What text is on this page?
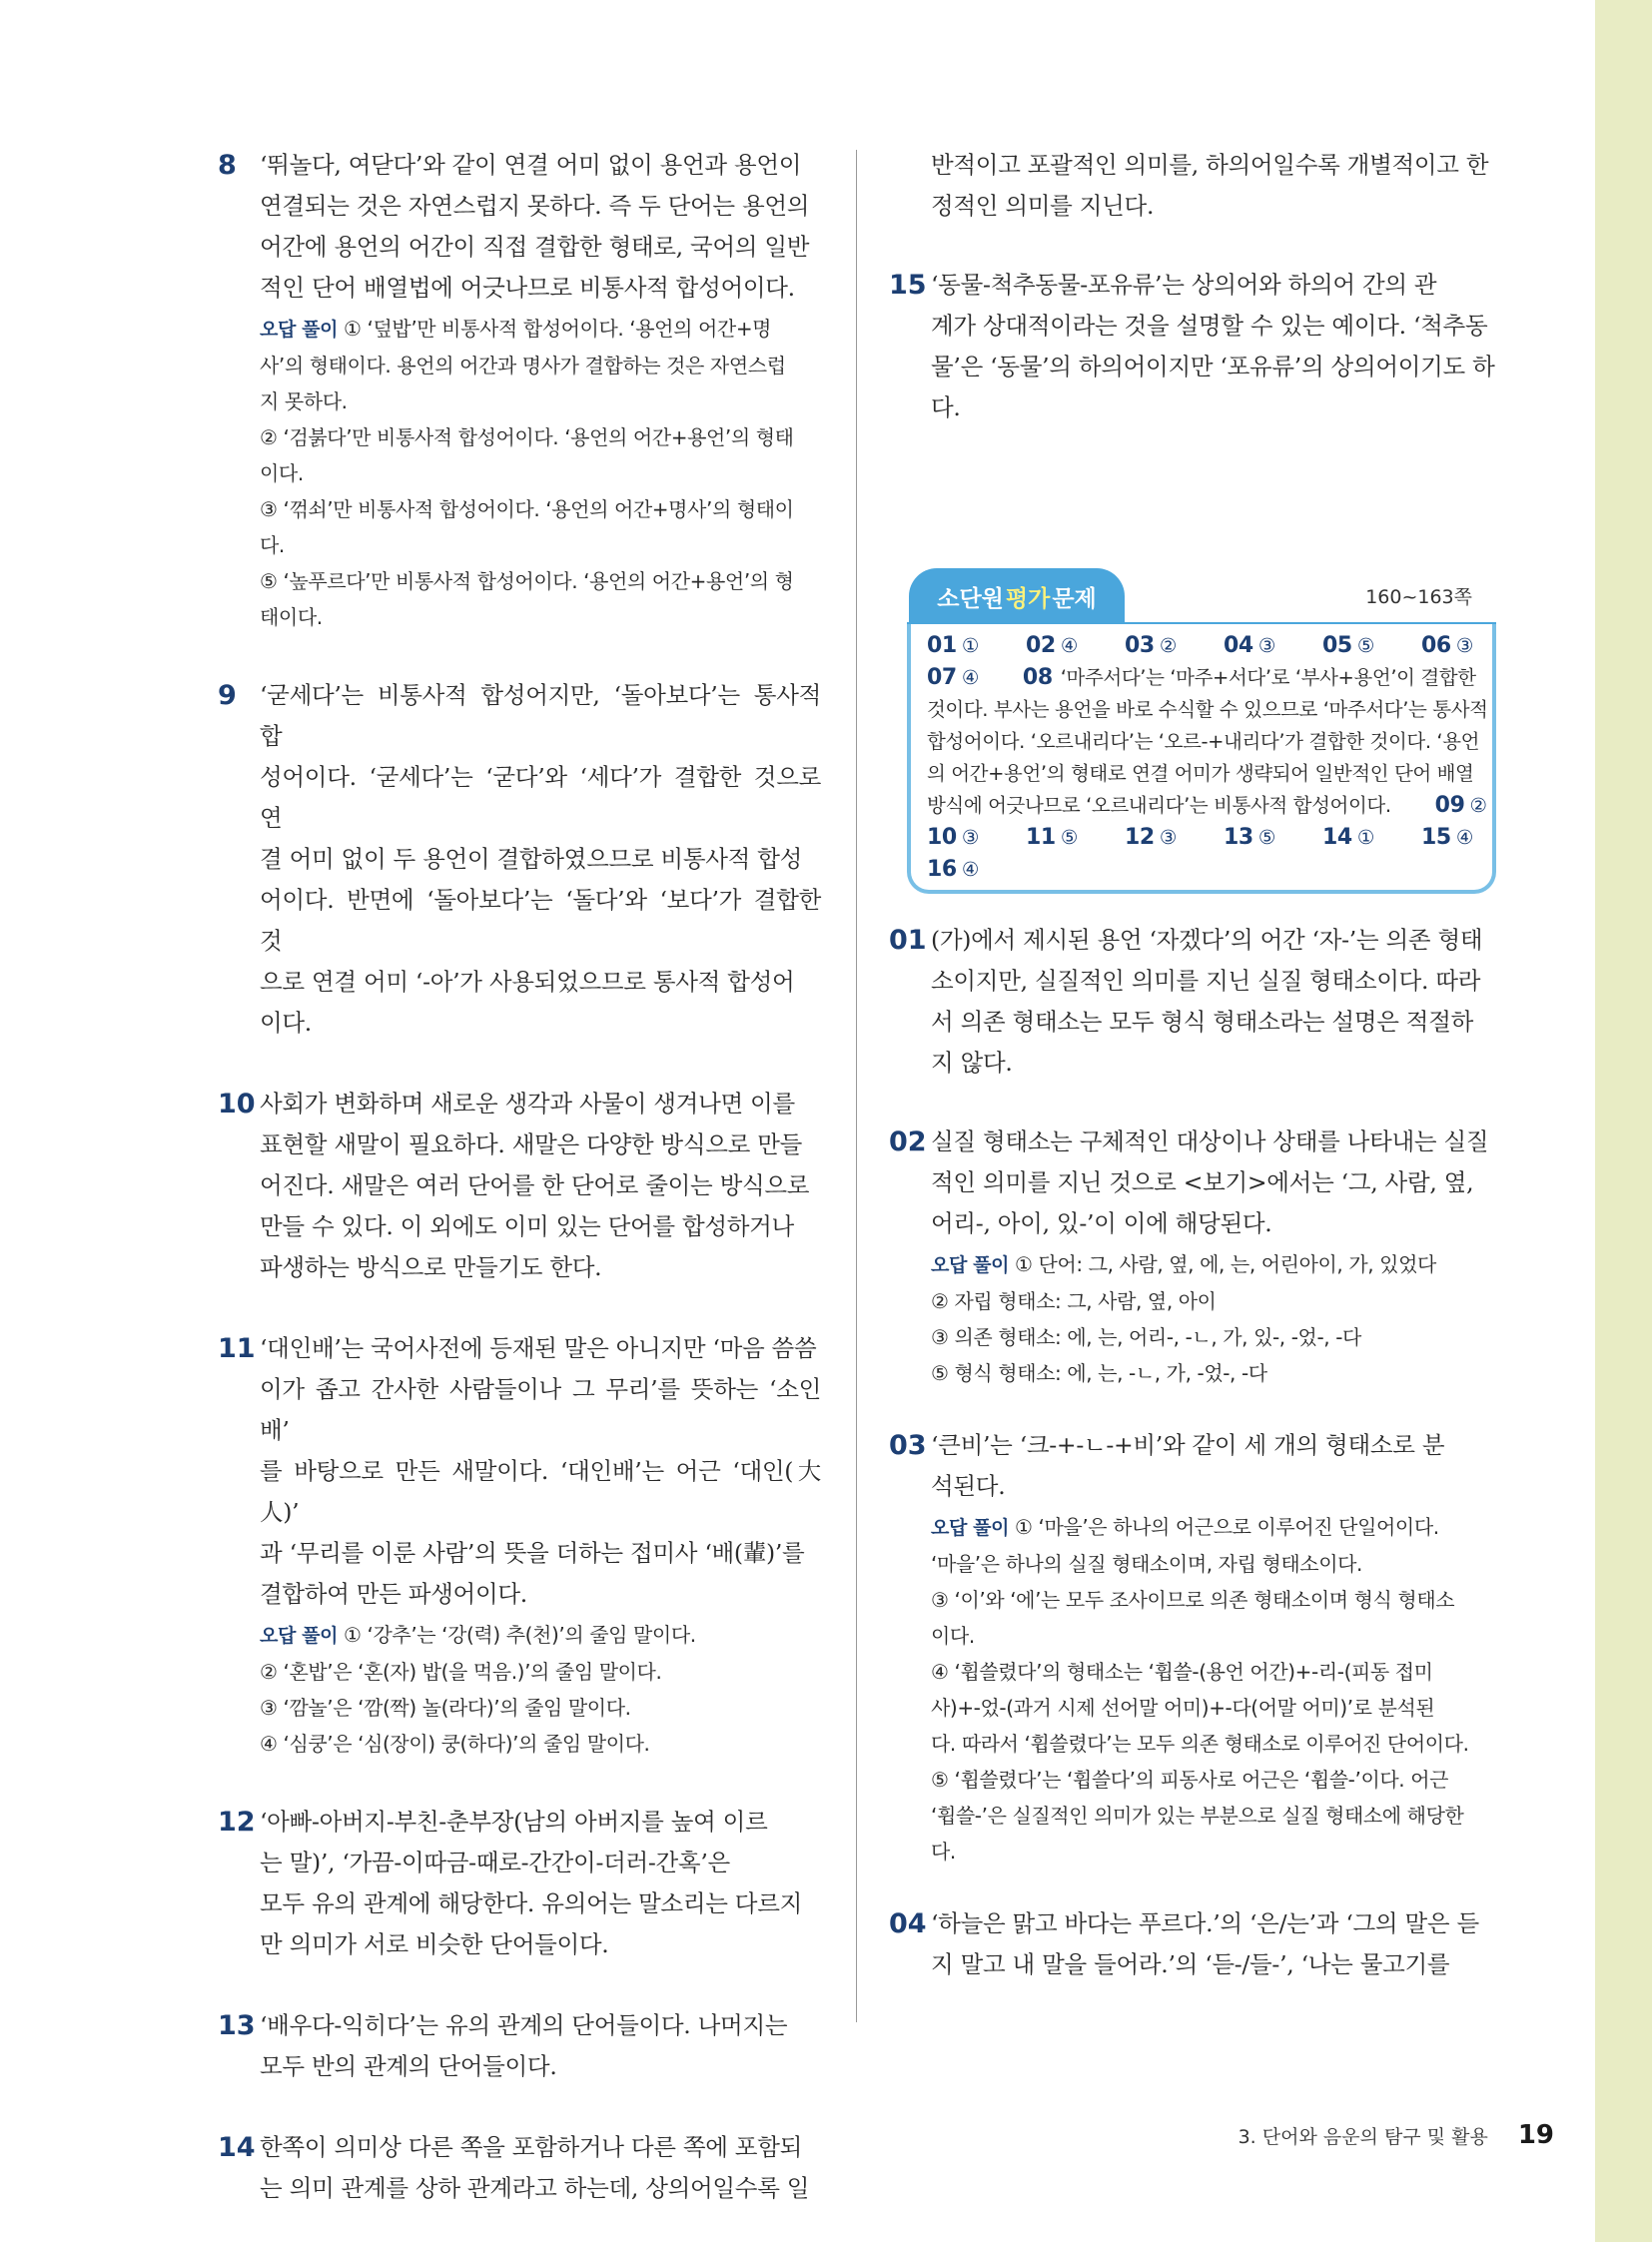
8 ‘뛰놀다, 여닫다’와 같이 연결 어미 없이 용언과 용언이
연결되는 것은 자연스럽지 못하다. 즉 두 단어는 용언의
어간에 용언의 어간이 직접 결합한 형태로, 국어의 일반
적인 단어 배열법에 어긋나므로 비통사적 합성어이다.
오답 풀이 ① ‘덮밥’만 비통사적 합성어이다. ‘용언의 어간+명
사’의 형태이다. 용언의 어간과 명사가 결합하는 것은 자연스럽
지 못하다.
② ‘검붉다’만 비통사적 합성어이다. ‘용언의 어간+용언’의 형태
이다.
③ ‘꺾쇠’만 비통사적 합성어이다. ‘용언의 어간+명사’의 형태이
다.
⑤ ‘높푸르다’만 비통사적 합성어이다. ‘용언의 어간+용언’의 형
태이다.
9 ‘굳세다’는 비통사적 합성어지만, ‘돌아보다’는 통사적 합
성어이다. ‘굳세다’는 ‘굳다’와 ‘세다’가 결합한 것으로 연
결 어미 없이 두 용언이 결합하였으므로 비통사적 합성
어이다. 반면에 ‘돌아보다’는 ‘돌다’와 ‘보다’가 결합한 것
으로 연결 어미 ‘-아’가 사용되었으므로 통사적 합성어
이다.
10 사회가 변화하며 새로운 생각과 사물이 생겨나면 이를
표현할 새말이 필요하다. 새말은 다양한 방식으로 만들
어진다. 새말은 여러 단어를 한 단어로 줄이는 방식으로
만들 수 있다. 이 외에도 이미 있는 단어를 합성하거나
파생하는 방식으로 만들기도 한다.
11 ‘대인배’는 국어사전에 등재된 말은 아니지만 ‘마음 씀씀
이가 좁고 간사한 사람들이나 그 무리’를 뜻하는 ‘소인배’
를 바탕으로 만든 새말이다. ‘대인배’는 어근 ‘대인(大人)’
과 ‘무리를 이룬 사람’의 뜻을 더하는 접미사 ‘배(輩)’를
결합하여 만든 파생어이다.
오답 풀이 ① ‘강추’는 ‘강(력) 추(천)’의 줄임 말이다.
② ‘혼밥’은 ‘혼(자) 밥(을 먹음.)’의 줄임 말이다.
③ ‘깜놀’은 ‘깜(짝) 놀(라다)’의 줄임 말이다.
④ ‘심쿵’은 ‘심(장이) 쿵(하다)’의 줄임 말이다.
12 ‘아빠-아버지-부친-춘부장(남의 아버지를 높여 이르
는 말)’, ‘가끔-이따금-때로-간간이-더러-간혹’은
모두 유의 관계에 해당한다. 유의어는 말소리는 다르지
만 의미가 서로 비슷한 단어들이다.
13 ‘배우다-익히다’는 유의 관계의 단어들이다. 나머지는
모두 반의 관계의 단어들이다.
14 한쪽이 의미상 다른 쪽을 포함하거나 다른 쪽에 포함되
는 의미 관계를 상하 관계라고 하는데, 상의어일수록 일
반적이고 포괄적인 의미를, 하의어일수록 개별적이고 한
정적인 의미를 지닌다.
15 ‘동물-척추동물-포유류’는 상의어와 하의어 간의 관
계가 상대적이라는 것을 설명할 수 있는 예이다. ‘척추동
물’은 ‘동물’의 하의어이지만 ‘포유류’의 상의어이기도 하
다.
소단원 평가 문제	160~163쪽
01 ① 02 ④ 03 ② 04 ③ 05 ⑤ 06 ③
07 ④ 08 ‘마주서다’는 ‘마주+서다’로 ‘부사+용언’이 결합한
것이다. 부사는 용언을 바로 수식할 수 있으므로 ‘마주서다’는 통사적
합성어이다. ‘오르내리다’는 ‘오르-+내리다’가 결합한 것이다. ‘용언
의 어간+용언’의 형태로 연결 어미가 생략되어 일반적인 단어 배열
방식에 어긋나므로 ‘오르내리다’는 비통사적 합성어이다. 09 ②
10 ③ 11 ⑤ 12 ③ 13 ⑤ 14 ① 15 ④
16 ④
01 (가)에서 제시된 용언 ‘자겠다’의 어간 ‘자-’는 의존 형태
소이지만, 실질적인 의미를 지닌 실질 형태소이다. 따라
서 의존 형태소는 모두 형식 형태소라는 설명은 적절하
지 않다.
02 실질 형태소는 구체적인 대상이나 상태를 나타내는 실질
적인 의미를 지닌 것으로 <보기>에서는 ‘그, 사람, 옆,
어리-, 아이, 있-’이 이에 해당된다.
오답 풀이 ① 단어: 그, 사람, 옆, 에, 는, 어린아이, 가, 있었다
② 자립 형태소: 그, 사람, 옆, 아이
③ 의존 형태소: 에, 는, 어리-, -ㄴ, 가, 있-, -었-, -다
⑤ 형식 형태소: 에, 는, -ㄴ, 가, -었-, -다
03 ‘큰비’는 ‘크-+-ㄴ-+비’와 같이 세 개의 형태소로 분
석된다.
오답 풀이 ① ‘마을’은 하나의 어근으로 이루어진 단일어이다.
‘마을’은 하나의 실질 형태소이며, 자립 형태소이다.
③ ‘이’와 ‘에’는 모두 조사이므로 의존 형태소이며 형식 형태소
이다.
④ ‘휩쓸렸다’의 형태소는 ‘휩쓸-(용언 어간)+-리-(피동 접미
사)+-었-(과거 시제 선어말 어미)+-다(어말 어미)’로 분석된
다. 따라서 ‘휩쓸렸다’는 모두 의존 형태소로 이루어진 단어이다.
⑤ ‘휩쓸렸다’는 ‘휩쓸다’의 피동사로 어근은 ‘휩쓸-’이다. 어근
‘휩쓸-’은 실질적인 의미가 있는 부분으로 실질 형태소에 해당한
다.
04 ‘하늘은 맑고 바다는 푸르다.’의 ‘은/는’과 ‘그의 말은 듣
지 말고 내 말을 들어라.’의 ‘듣-/들-’, ‘나는 물고기를
3. 단어와 음운의 탐구 및 활용 19
